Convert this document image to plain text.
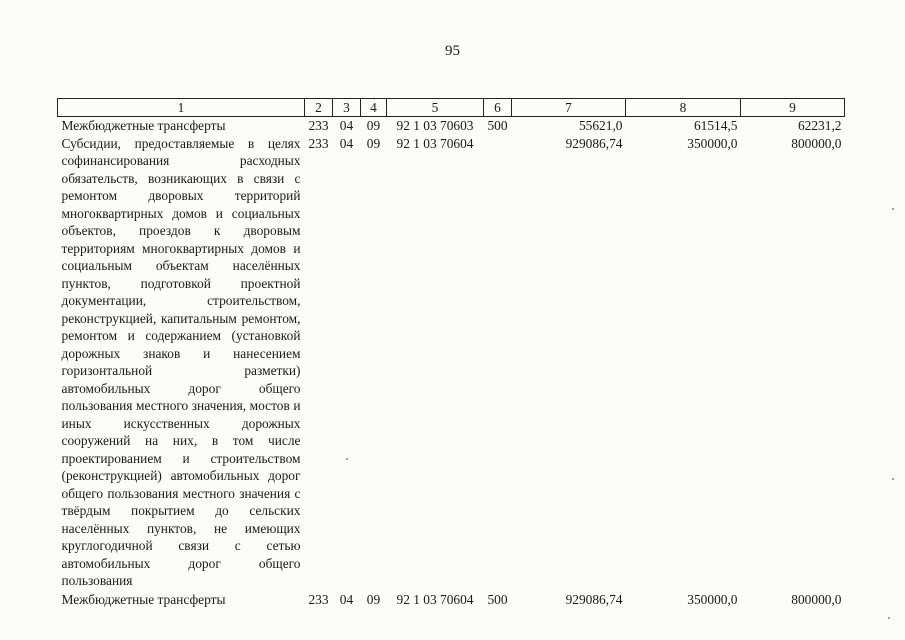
95
1	2	3	4	5	6	7	8	9
Межбюджетные трансферты	233	04	09	92 1 03 70603	500	55621,0	61514,5	62231,2
Субсидии, предоставляемые в целях софинансирования расходных обязательств, возникающих в связи с ремонтом дворовых территорий многоквартирных домов и социальных объектов, проездов к дворовым территориям многоквартирных домов и социальным объектам населённых пунктов, подготовкой проектной документации, строительством, реконструкцией, капитальным ремонтом, ремонтом и содержанием (установкой дорожных знаков и нанесением горизонтальной разметки) автомобильных дорог общего пользования местного значения, мостов и иных искусственных дорожных сооружений на них, в том числе проектированием и строительством (реконструкцией) автомобильных дорог общего пользования местного значения с твёрдым покрытием до сельских населённых пунктов, не имеющих круглогодичной связи с сетью автомобильных дорог общего пользования	233	04	09	92 1 03 70604		929086,74	350000,0	800000,0
Межбюджетные трансферты	233	04	09	92 1 03 70604	500	929086,74	350000,0	800000,0
